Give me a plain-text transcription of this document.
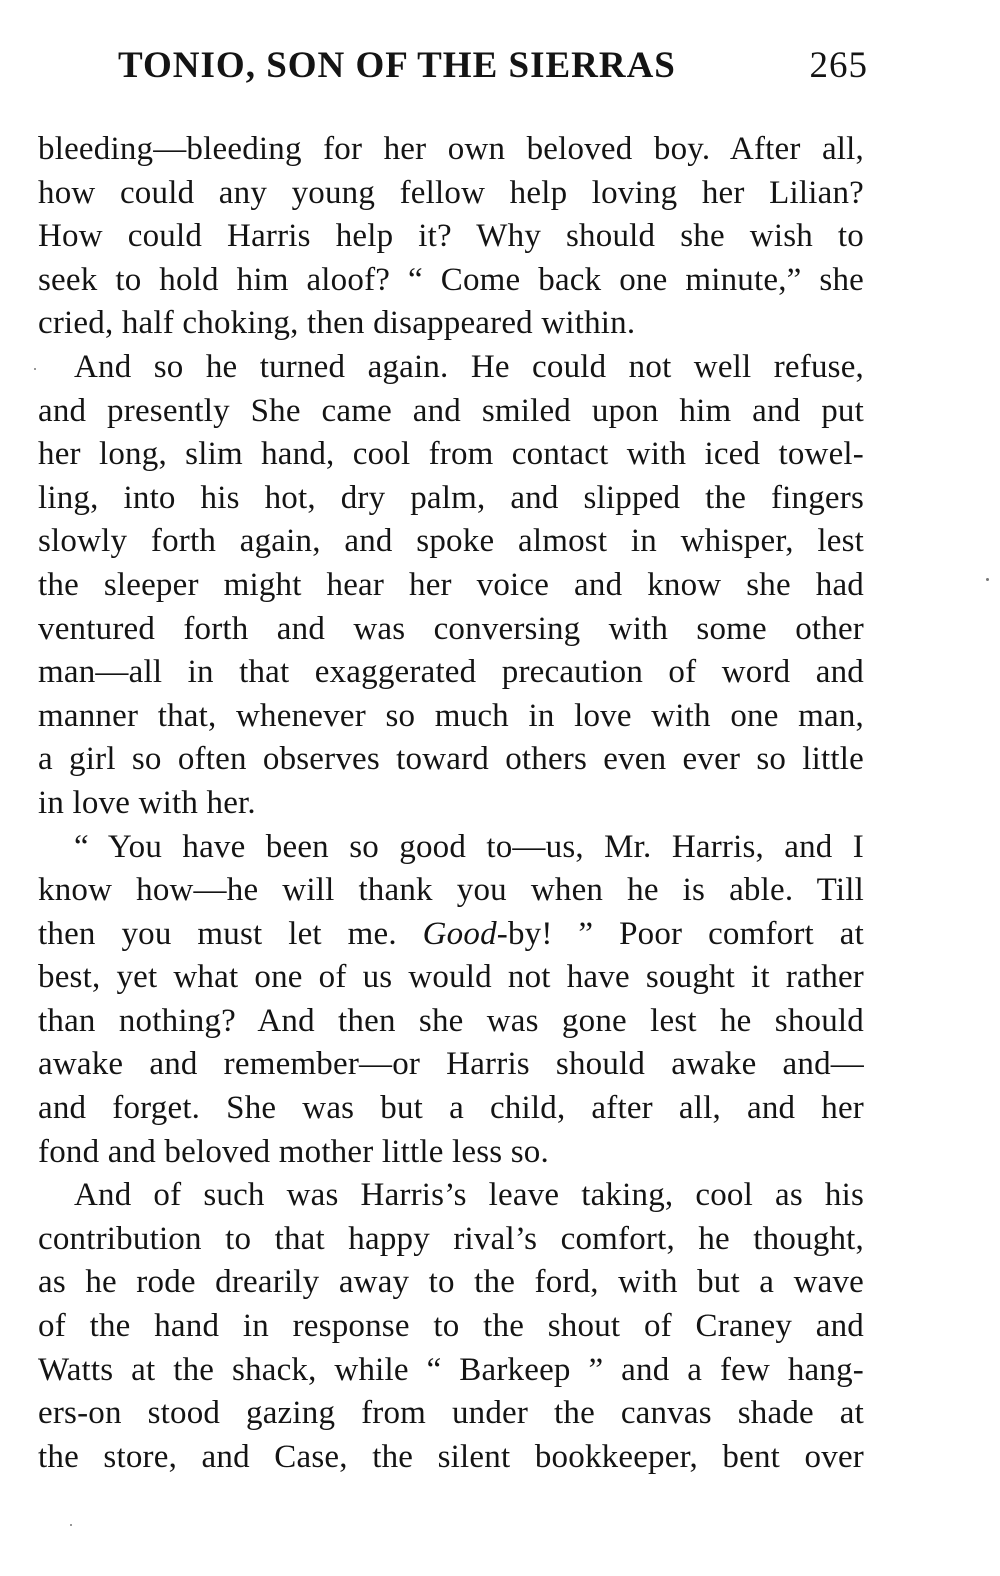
TONIO, SON OF THE SIERRAS	265
bleeding—bleeding for her own beloved boy. After all,
how could any young fellow help loving her Lilian?
How could Harris help it? Why should she wish to
seek to hold him aloof? “ Come back one minute,” she
cried, half choking, then disappeared within.
And so he turned again. He could not well refuse,
and presently She came and smiled upon him and put
her long, slim hand, cool from contact with iced towel-
ling, into his hot, dry palm, and slipped the fingers
slowly forth again, and spoke almost in whisper, lest
the sleeper might hear her voice and know she had
ventured forth and was conversing with some other
man—all in that exaggerated precaution of word and
manner that, whenever so much in love with one man,
a girl so often observes toward others even ever so little
in love with her.
“ You have been so good to—us, Mr. Harris, and I
know how—he will thank you when he is able. Till
then you must let me. Good-by! ” Poor comfort at
best, yet what one of us would not have sought it rather
than nothing? And then she was gone lest he should
awake and remember—or Harris should awake and—
and forget. She was but a child, after all, and her
fond and beloved mother little less so.
And of such was Harris’s leave taking, cool as his
contribution to that happy rival’s comfort, he thought,
as he rode drearily away to the ford, with but a wave
of the hand in response to the shout of Craney and
Watts at the shack, while “ Barkeep ” and a few hang-
ers-on stood gazing from under the canvas shade at
the store, and Case, the silent bookkeeper, bent over
